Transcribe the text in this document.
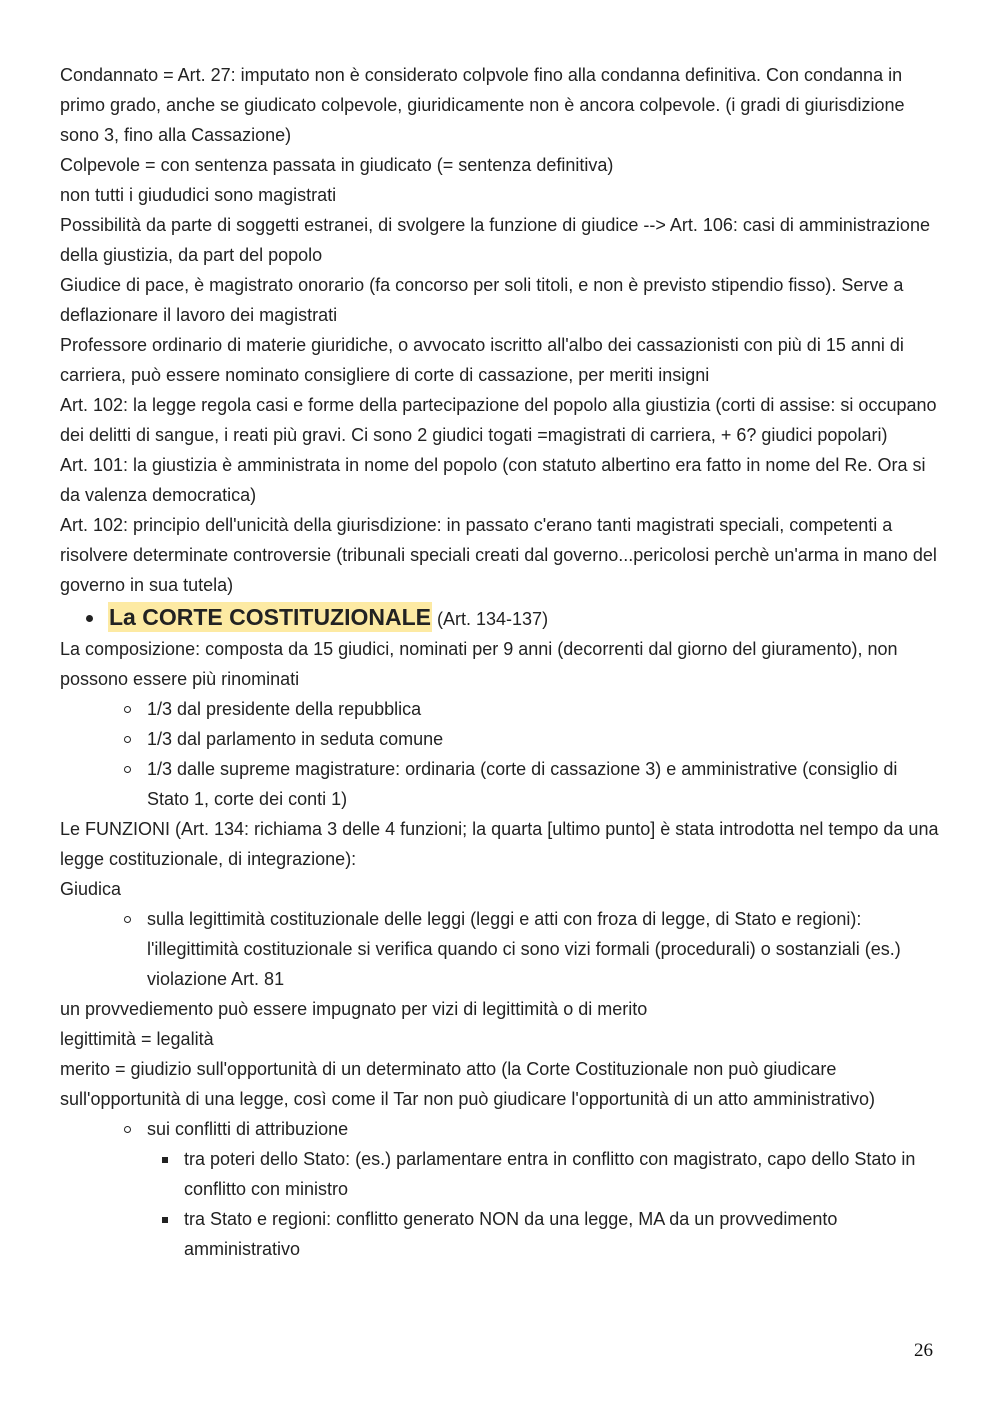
Condannato = Art. 27: imputato non è considerato colpvole fino alla condanna definitiva. Con condanna in primo grado, anche se giudicato colpevole, giuridicamente non è ancora colpevole. (i gradi di giurisdizione sono 3, fino alla Cassazione)

Colpevole = con sentenza passata in giudicato (= sentenza definitiva)

non tutti i giududici sono magistrati

Possibilità da parte di soggetti estranei, di svolgere la funzione di giudice --> Art. 106: casi di amministrazione della giustizia, da part del popolo

Giudice di pace, è magistrato onorario (fa concorso per soli titoli, e non è previsto stipendio fisso). Serve a deflazionare il lavoro dei magistrati

Professore ordinario di materie giuridiche, o avvocato iscritto all'albo dei cassazionisti con più di 15 anni di carriera, può essere nominato consigliere di corte di cassazione, per meriti insigni

Art. 102: la legge regola casi e forme della partecipazione del popolo alla giustizia (corti di assise: si occupano dei delitti di sangue, i reati più gravi. Ci sono 2 giudici togati =magistrati di carriera, + 6? giudici popolari)

Art. 101: la giustizia è amministrata in nome del popolo (con statuto albertino era fatto in nome del Re. Ora si da valenza democratica)

Art. 102: principio dell'unicità della giurisdizione: in passato c'erano tanti magistrati speciali, competenti a risolvere determinate controversie (tribunali speciali creati dal governo...pericolosi perchè un'arma in mano del governo in sua tutela)

La CORTE COSTITUZIONALE (Art. 134-137)

La composizione: composta da 15 giudici, nominati per 9 anni (decorrenti dal giorno del giuramento), non possono essere più rinominati

1/3 dal presidente della repubblica
1/3 dal parlamento in seduta comune
1/3 dalle supreme magistrature: ordinaria (corte di cassazione 3) e amministrative (consiglio di Stato 1, corte dei conti 1)

Le FUNZIONI (Art. 134: richiama 3 delle 4 funzioni; la quarta [ultimo punto] è stata introdotta nel tempo da una legge costituzionale, di integrazione):

Giudica

sulla legittimità costituzionale delle leggi (leggi e atti con froza di legge, di Stato e regioni): l'illegittimità costituzionale si verifica quando ci sono vizi formali (procedurali) o sostanziali (es.) violazione Art. 81

un provvediemento può essere impugnato per vizi di legittimità o di merito

legittimità = legalità

merito = giudizio sull'opportunità di un determinato atto (la Corte Costituzionale non può giudicare sull'opportunità di una legge, così come il Tar non può giudicare l'opportunità di un atto amministrativo)

sui conflitti di attribuzione
tra poteri dello Stato: (es.) parlamentare entra in conflitto con magistrato, capo dello Stato in conflitto con ministro
tra Stato e regioni: conflitto generato NON da una legge, MA da un provvedimento amministrativo
26
